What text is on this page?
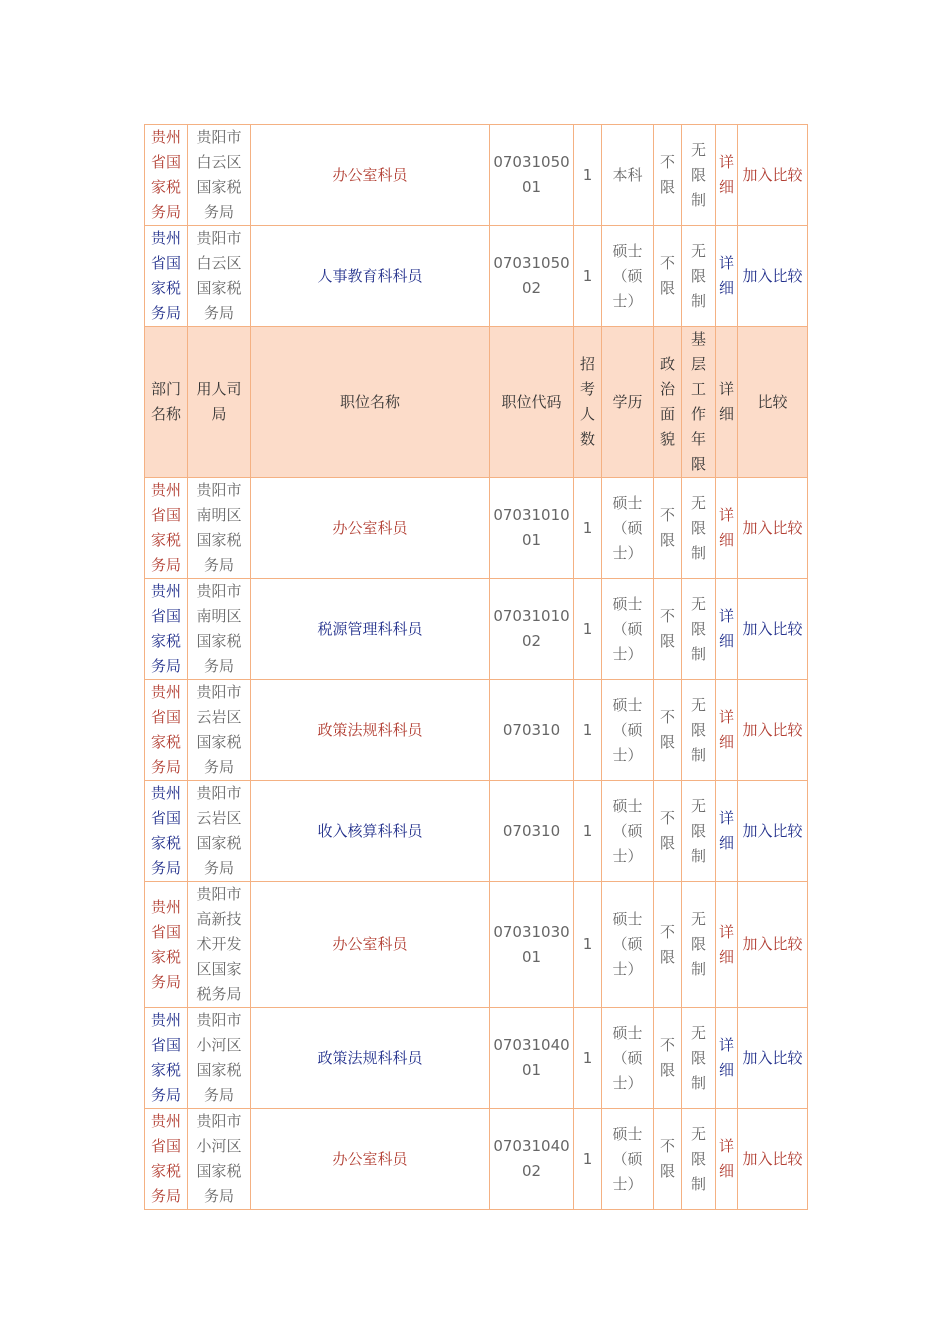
贵州省国家税务局	贵阳市白云区国家税务局	办公室科员	0703105001	1	本科	不限	无限制	详细	加入比较
贵州省国家税务局	贵阳市白云区国家税务局	人事教育科科员	0703105002	1	硕士（硕士）	不限	无限制	详细	加入比较
部门名称	用人司局	职位名称	职位代码	招考人数	学历	政治面貌	基层工作年限	详细	比较
贵州省国家税务局	贵阳市南明区国家税务局	办公室科员	0703101001	1	硕士（硕士）	不限	无限制	详细	加入比较
贵州省国家税务局	贵阳市南明区国家税务局	税源管理科科员	0703101002	1	硕士（硕士）	不限	无限制	详细	加入比较
贵州省国家税务局	贵阳市云岩区国家税务局	政策法规科科员	070310	1	硕士（硕士）	不限	无限制	详细	加入比较
贵州省国家税务局	贵阳市云岩区国家税务局	收入核算科科员	070310	1	硕士（硕士）	不限	无限制	详细	加入比较
贵州省国家税务局	贵阳市高新技术开发区国家税务局	办公室科员	0703103001	1	硕士（硕士）	不限	无限制	详细	加入比较
贵州省国家税务局	贵阳市小河区国家税务局	政策法规科科员	0703104001	1	硕士（硕士）	不限	无限制	详细	加入比较
贵州省国家税务局	贵阳市小河区国家税务局	办公室科员	0703104002	1	硕士（硕士）	不限	无限制	详细	加入比较
